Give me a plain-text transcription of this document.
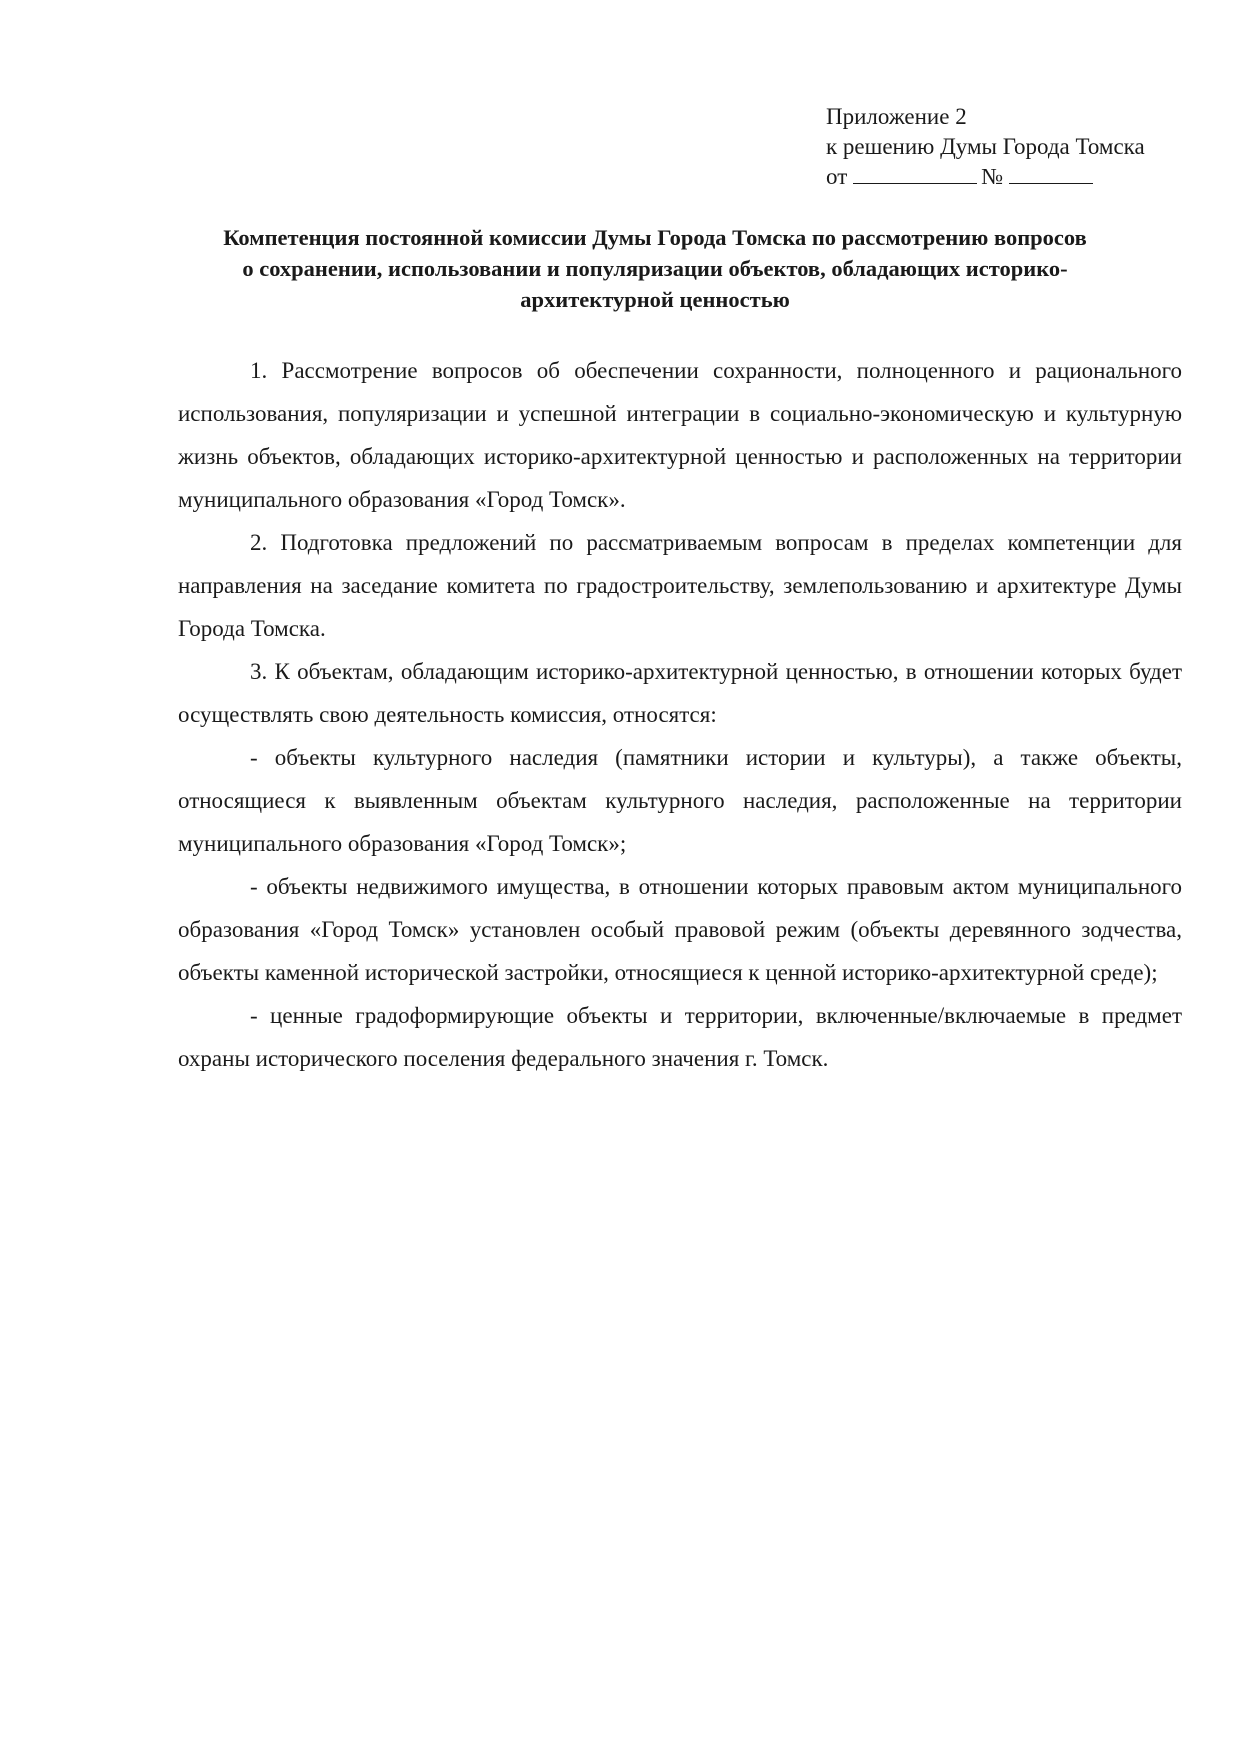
Приложение 2
к решению Думы Города Томска
от	№
Компетенция постоянной комиссии Думы Города Томска по рассмотрению вопросов
о сохранении, использовании и популяризации объектов, обладающих историко-
архитектурной ценностью

1. Рассмотрение вопросов об обеспечении сохранности, полноценного и рационального использования, популяризации и успешной интеграции в социально-экономическую и культурную жизнь объектов, обладающих историко-архитектурной ценностью и расположенных на территории муниципального образования «Город Томск».

2. Подготовка предложений по рассматриваемым вопросам в пределах компетенции для направления на заседание комитета по градостроительству, землепользованию и архитектуре Думы Города Томска.

3. К объектам, обладающим историко-архитектурной ценностью, в отношении которых будет осуществлять свою деятельность комиссия, относятся:

- объекты культурного наследия (памятники истории и культуры), а также объекты, относящиеся к выявленным объектам культурного наследия, расположенные на территории муниципального образования «Город Томск»;

- объекты недвижимого имущества, в отношении которых правовым актом муниципального образования «Город Томск» установлен особый правовой режим (объекты деревянного зодчества, объекты каменной исторической застройки, относящиеся к ценной историко-архитектурной среде);

- ценные градоформирующие объекты и территории, включенные/включаемые в предмет охраны исторического поселения федерального значения г. Томск.
